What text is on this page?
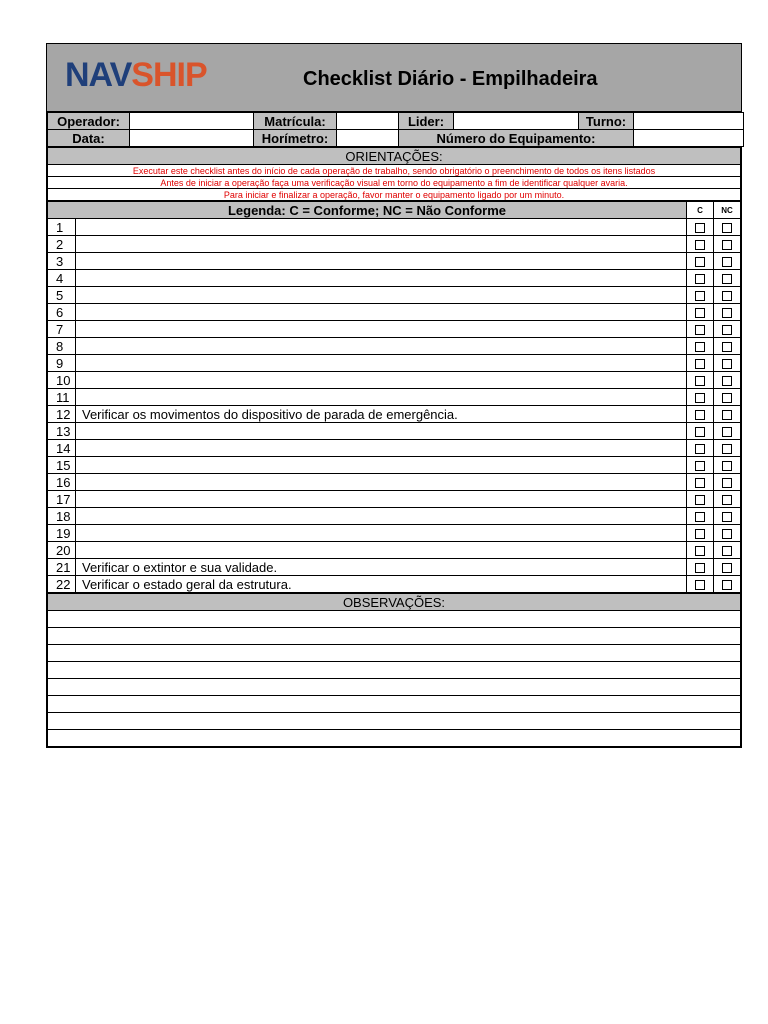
NAVSHIP	Checklist Diário - Empilhadeira
Operador:		Matrícula:		Lider:		Turno:	
Data:		Horímetro:		Número do Equipamento:			
ORIENTAÇÕES:
Executar este checklist antes do início de cada operação de trabalho, sendo obrigatório o preenchimento de todos os itens listados
Antes de iniciar a operação faça uma verificação visual em torno do equipamento a fim de identificar qualquer avaria.
Para iniciar e finalizar a operação, favor manter o equipamento ligado por um minuto.
Legenda: C = Conforme; NC = Não Conforme		C	NC
1			
2			
3			
4			
5			
6			
7			
8			
9			
10			
11			
12	Verificar os movimentos do dispositivo de parada de emergência.		
13			
14			
15			
16			
17			
18			
19			
20			
21	Verificar o extintor e sua validade.		
22	Verificar o estado geral da estrutura.		
OBSERVAÇÕES:
